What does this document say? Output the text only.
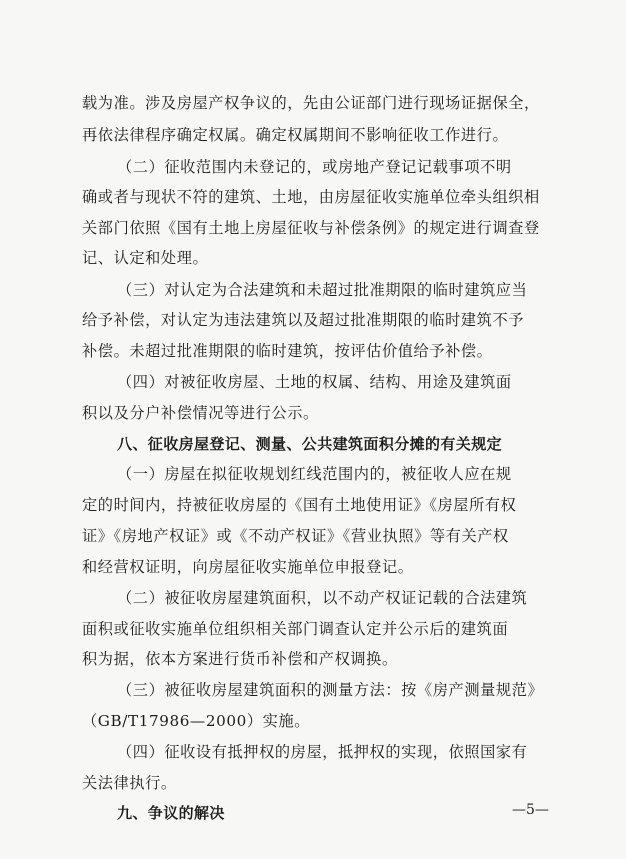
载为准。涉及房屋产权争议的，先由公证部门进行现场证据保全，
再依法律程序确定权属。确定权属期间不影响征收工作进行。
（二）征收范围内未登记的，或房地产登记记载事项不明
确或者与现状不符的建筑、土地，由房屋征收实施单位牵头组织相
关部门依照《国有土地上房屋征收与补偿条例》的规定进行调查登
记、认定和处理。
（三）对认定为合法建筑和未超过批准期限的临时建筑应当
给予补偿，对认定为违法建筑以及超过批准期限的临时建筑不予
补偿。未超过批准期限的临时建筑，按评估价值给予补偿。
（四）对被征收房屋、土地的权属、结构、用途及建筑面
积以及分户补偿情况等进行公示。
八、征收房屋登记、测量、公共建筑面积分摊的有关规定
（一）房屋在拟征收规划红线范围内的，被征收人应在规
定的时间内，持被征收房屋的《国有土地使用证》《房屋所有权
证》《房地产权证》或《不动产权证》《营业执照》等有关产权
和经营权证明，向房屋征收实施单位申报登记。
（二）被征收房屋建筑面积，以不动产权证记载的合法建筑
面积或征收实施单位组织相关部门调查认定并公示后的建筑面
积为据，依本方案进行货币补偿和产权调换。
（三）被征收房屋建筑面积的测量方法：按《房产测量规范》
（GB/T17986—2000）实施。
（四）征收设有抵押权的房屋，抵押权的实现，依照国家有
关法律执行。
九、争议的解决	—5—
